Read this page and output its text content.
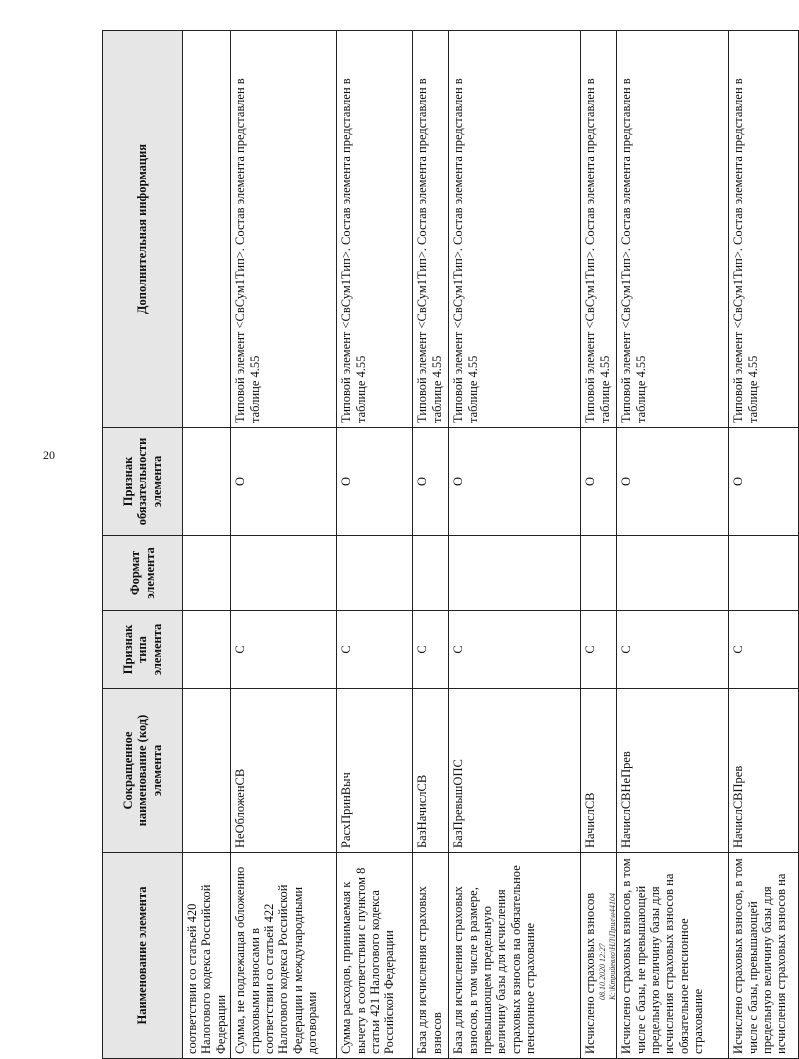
20
Наименование элемента	Сокращенное наименование (код) элемента	Признак типа элемента	Формат элемента	Признак обязательности элемента	Дополнительная информация
соответствии со статьей 420 Налогового кодекса Российской Федерации					
Сумма, не подлежащая обложению страховыми взносами в соответствии со статьей 422 Налогового кодекса Российской Федерации и международными договорами	НеОбложенСВ	С		О	Типовой элемент <СвСум1Тип>. Состав элемента представлен в таблице 4.55
Сумма расходов, принимаемая к вычету в соответствии с пунктом 8 статьи 421 Налогового кодекса Российской Федерации	РасхПринВыч	С		О	Типовой элемент <СвСум1Тип>. Состав элемента представлен в таблице 4.55
База для исчисления страховых взносов	БазНачислСВ	С		О	Типовой элемент <СвСум1Тип>. Состав элемента представлен в таблице 4.55
База для исчисления страховых взносов, в том числе в размере, превышающем предельную величину базы для исчисления страховых взносов на обязательное пенсионное страхование	БазПревышОПС	С		О	Типовой элемент <СвСум1Тип>. Состав элемента представлен в таблице 4.55
Исчислено страховых взносов	НачислСВ	С		О	Типовой элемент <СвСум1Тип>. Состав элемента представлен в таблице 4.55
Исчислено страховых взносов, в том числе с базы, не превышающей предельную величину базы для исчисления страховых взносов на обязательное пенсионное страхование	НачислСВНеПрев	С		О	Типовой элемент <СвСум1Тип>. Состав элемента представлен в таблице 4.55
Исчислено страховых взносов, в том числе с базы, превышающей предельную величину базы для исчисления страховых взносов на	НачислСВПрев	С		О	Типовой элемент <СвСум1Тип>. Состав элемента представлен в таблице 4.55
08.10.2020 12:27 К:\Ктрийевло\НЛ\Прил\н44104
